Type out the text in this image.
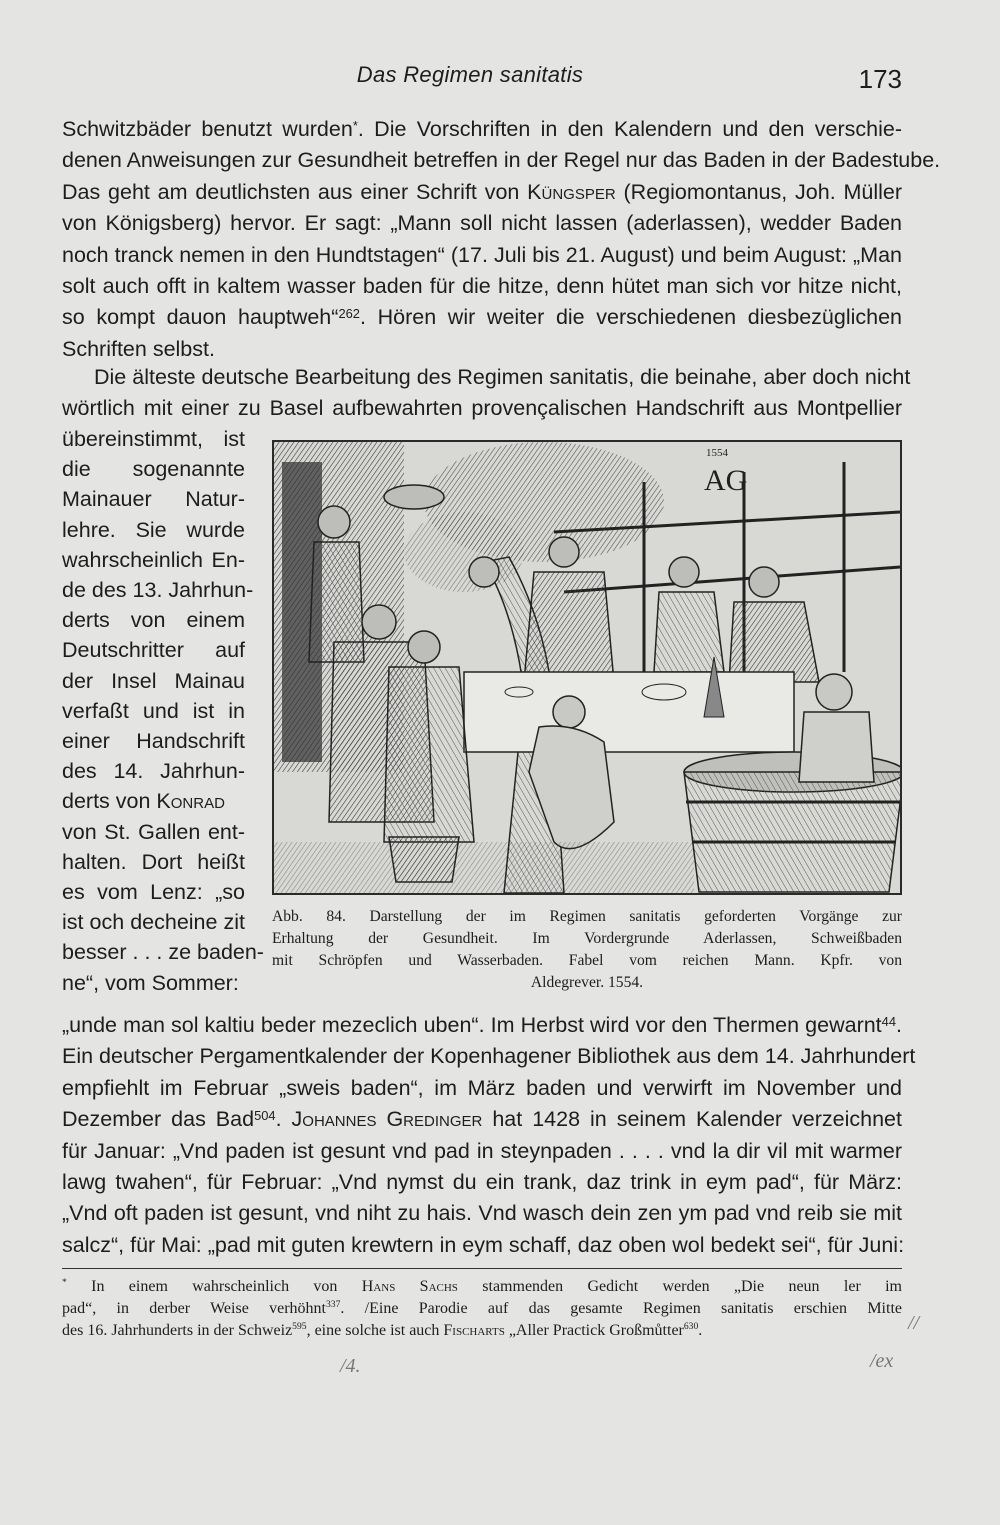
Das Regimen sanitatis	173
Schwitzbäder benutzt wurden*. Die Vorschriften in den Kalendern und den verschie-
denen Anweisungen zur Gesundheit betreffen in der Regel nur das Baden in der Badestube.
Das geht am deutlichsten aus einer Schrift von Küngsper (Regiomontanus, Joh. Müller
von Königsberg) hervor. Er sagt: „Mann soll nicht lassen (aderlassen), wedder Baden
noch tranck nemen in den Hundtstagen“ (17. Juli bis 21. August) und beim August: „Man
solt auch offt in kaltem wasser baden für die hitze, denn hütet man sich vor hitze nicht,
so kompt dauon hauptweh“$^{262}$. Hören wir weiter die verschiedenen diesbezüglichen
Schriften selbst.
Die älteste deutsche Bearbeitung des Regimen sanitatis, die beinahe, aber doch nicht
wörtlich mit einer zu Basel aufbewahrten provençalischen Handschrift aus Montpellier
übereinstimmt, ist
die sogenannte
Mainauer Natur-
lehre. Sie wurde
wahrscheinlich En-
de des 13. Jahrhun-
derts von einem
Deutschritter auf
der Insel Mainau
verfaßt und ist in
einer Handschrift
des 14. Jahrhun-
derts von Konrad
von St. Gallen ent-
halten. Dort heißt
es vom Lenz: „so
ist och decheine zit
besser . . . ze baden-
ne“, vom Sommer:
AG
1554
Abb. 84. Darstellung der im Regimen sanitatis geforderten Vorgänge zur
Erhaltung der Gesundheit. Im Vordergrunde Aderlassen, Schweißbaden
mit Schröpfen und Wasserbaden. Fabel vom reichen Mann. Kpfr. von
Aldegrever. 1554.
„unde man sol kaltiu beder mezeclich uben“. Im Herbst wird vor den Thermen gewarnt$^{44}$.
Ein deutscher Pergamentkalender der Kopenhagener Bibliothek aus dem 14. Jahrhundert
empfiehlt im Februar „sweis baden“, im März baden und verwirft im November und
Dezember das Bad$^{504}$. Johannes Gredinger hat 1428 in seinem Kalender verzeichnet
für Januar: „Vnd paden ist gesunt vnd pad in steynpaden . . . . vnd la dir vil mit warmer
lawg twahen“, für Februar: „Vnd nymst du ein trank, daz trink in eym pad“, für März:
„Vnd oft paden ist gesunt, vnd niht zu hais. Vnd wasch dein zen ym pad vnd reib sie mit
salcz“, für Mai: „pad mit guten krewtern in eym schaff, daz oben wol bedekt sei“, für Juni:
* In einem wahrscheinlich von Hans Sachs stammenden Gedicht werden „Die neun ler im
pad“, in derber Weise verhöhnt$^{337}$. /Eine Parodie auf das gesamte Regimen sanitatis erschien Mitte
des 16. Jahrhunderts in der Schweiz$^{595}$, eine solche ist auch Fischarts „Aller Practick Großmůtter$^{630}$.
/4.	/ex
//
